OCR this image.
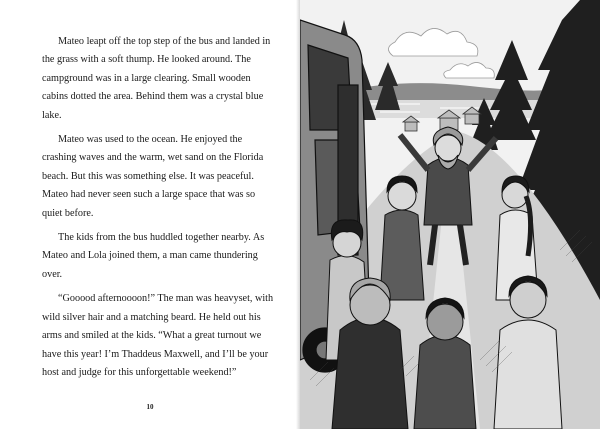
Mateo leapt off the top step of the bus and landed in the grass with a soft thump. He looked around. The campground was in a large clearing. Small wooden cabins dotted the area. Behind them was a crystal blue lake.

Mateo was used to the ocean. He enjoyed the crashing waves and the warm, wet sand on the Florida beach. But this was something else. It was peaceful. Mateo had never seen such a large space that was so quiet before.

The kids from the bus huddled together nearby. As Mateo and Lola joined them, a man came thundering over.

“Gooood afternoooon!” The man was heavyset, with wild silver hair and a matching beard. He held out his arms and smiled at the kids. “What a great turnout we have this year! I’m Thaddeus Maxwell, and I’ll be your host and judge for this unforgettable weekend!”

10
